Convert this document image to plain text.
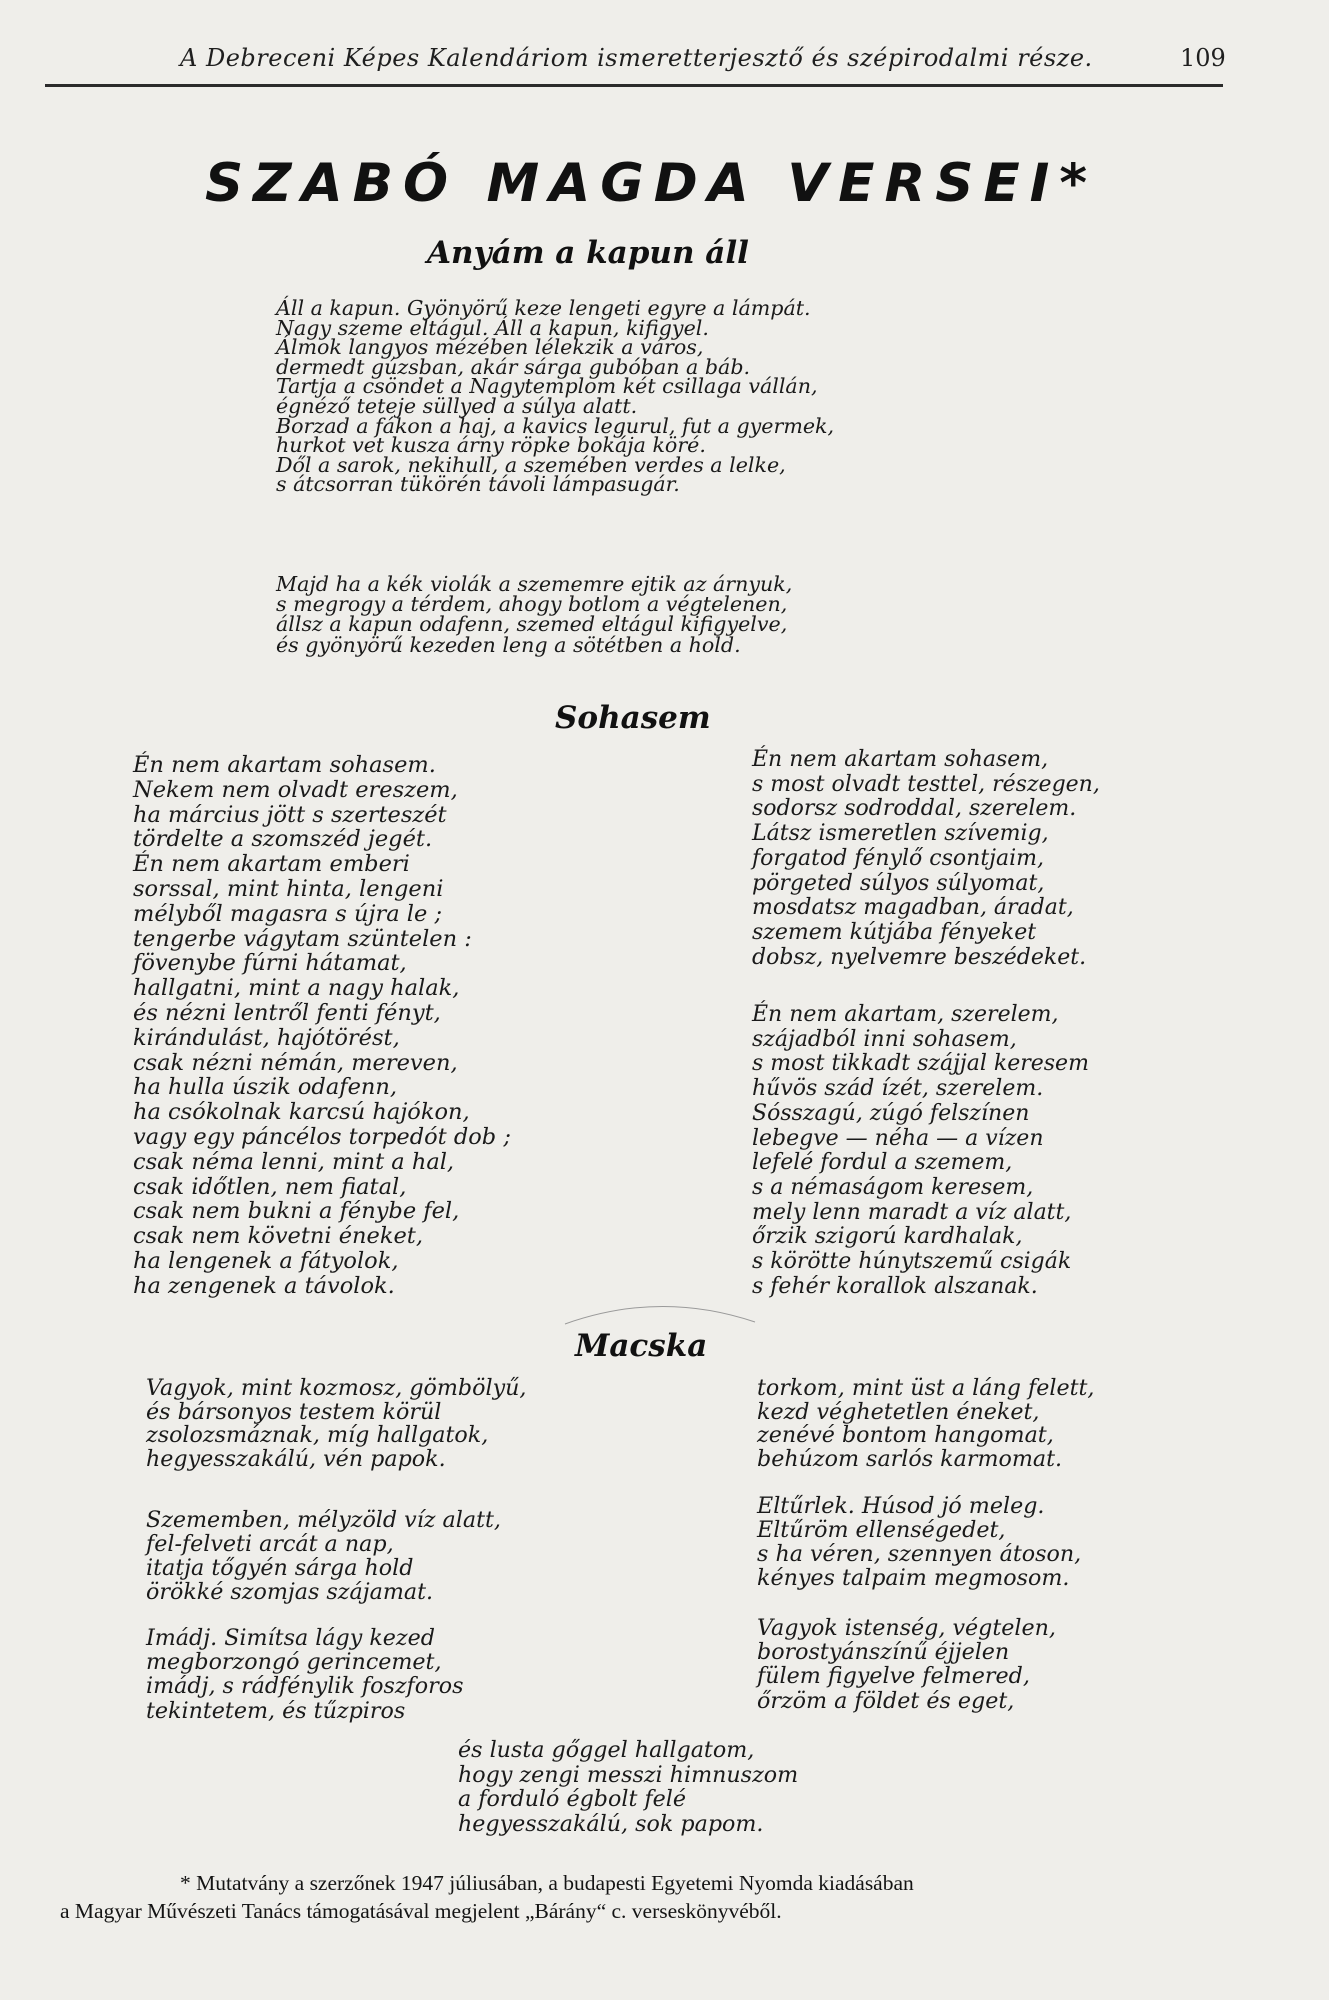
A Debreceni Képes Kalendáriom ismeretterjesztő és szépirodalmi része.	109
SZABÓ MAGDA VERSEI*
Anyám a kapun áll
Áll a kapun. Gyönyörű keze lengeti egyre a lámpát.
Nagy szeme eltágul. Áll a kapun, kifigyel.
Álmok langyos mézében lélekzik a város,
dermedt gúzsban, akár sárga gubóban a báb.
Tartja a csöndet a Nagytemplom két csillaga vállán,
égnéző teteje süllyed a súlya alatt.
Borzad a fákon a haj, a kavics legurul, fut a gyermek,
hurkot vet kusza árny röpke bokája köré.
Dől a sarok, nekihull, a szemében verdes a lelke,
s átcsorran tükörén távoli lámpasugár.
Majd ha a kék violák a szememre ejtik az árnyuk,
s megrogy a térdem, ahogy botlom a végtelenen,
állsz a kapun odafenn, szemed eltágul kifigyelve,
és gyönyörű kezeden leng a sötétben a hold.
Sohasem
Én nem akartam sohasem.
Nekem nem olvadt ereszem,
ha március jött s szerteszét
tördelte a szomszéd jegét.
Én nem akartam emberi
sorssal, mint hinta, lengeni
mélyből magasra s újra le ;
tengerbe vágytam szüntelen :
fövenybe fúrni hátamat,
hallgatni, mint a nagy halak,
és nézni lentről fenti fényt,
kirándulást, hajótörést,
csak nézni némán, mereven,
ha hulla úszik odafenn,
ha csókolnak karcsú hajókon,
vagy egy páncélos torpedót dob ;
csak néma lenni, mint a hal,
csak időtlen, nem fiatal,
csak nem bukni a fénybe fel,
csak nem követni éneket,
ha lengenek a fátyolok,
ha zengenek a távolok.
Én nem akartam sohasem,
s most olvadt testtel, részegen,
sodorsz sodroddal, szerelem.
Látsz ismeretlen szívemig,
forgatod fénylő csontjaim,
pörgeted súlyos súlyomat,
mosdatsz magadban, áradat,
szemem kútjába fényeket
dobsz, nyelvemre beszédeket.
Én nem akartam, szerelem,
szájadból inni sohasem,
s most tikkadt szájjal keresem
hűvös szád ízét, szerelem.
Sósszagú, zúgó felszínen
lebegve — néha — a vízen
lefelé fordul a szemem,
s a némaságom keresem,
mely lenn maradt a víz alatt,
őrzik szigorú kardhalak,
s körötte húnytszemű csigák
s fehér korallok alszanak.
Macska
Vagyok, mint kozmosz, gömbölyű,
és bársonyos testem körül
zsolozsmáznak, míg hallgatok,
hegyesszakálú, vén papok.
Szememben, mélyzöld víz alatt,
fel-felveti arcát a nap,
itatja tőgyén sárga hold
örökké szomjas szájamat.
Imádj. Simítsa lágy kezed
megborzongó gerincemet,
imádj, s rádfénylik foszforos
tekintetem, és tűzpiros
torkom, mint üst a láng felett,
kezd véghetetlen éneket,
zenévé bontom hangomat,
behúzom sarlós karmomat.
Eltűrlek. Húsod jó meleg.
Eltűröm ellenségedet,
s ha véren, szennyen átoson,
kényes talpaim megmosom.
Vagyok istenség, végtelen,
borostyánszínű éjjelen
fülem figyelve felmered,
őrzöm a földet és eget,
és lusta gőggel hallgatom,
hogy zengi messzi himnuszom
a forduló égbolt felé
hegyesszakálú, sok papom.
* Mutatvány a szerzőnek 1947 júliusában, a budapesti Egyetemi Nyomda kiadásában
a Magyar Művészeti Tanács támogatásával megjelent „Bárány“ c. verseskönyvéből.
